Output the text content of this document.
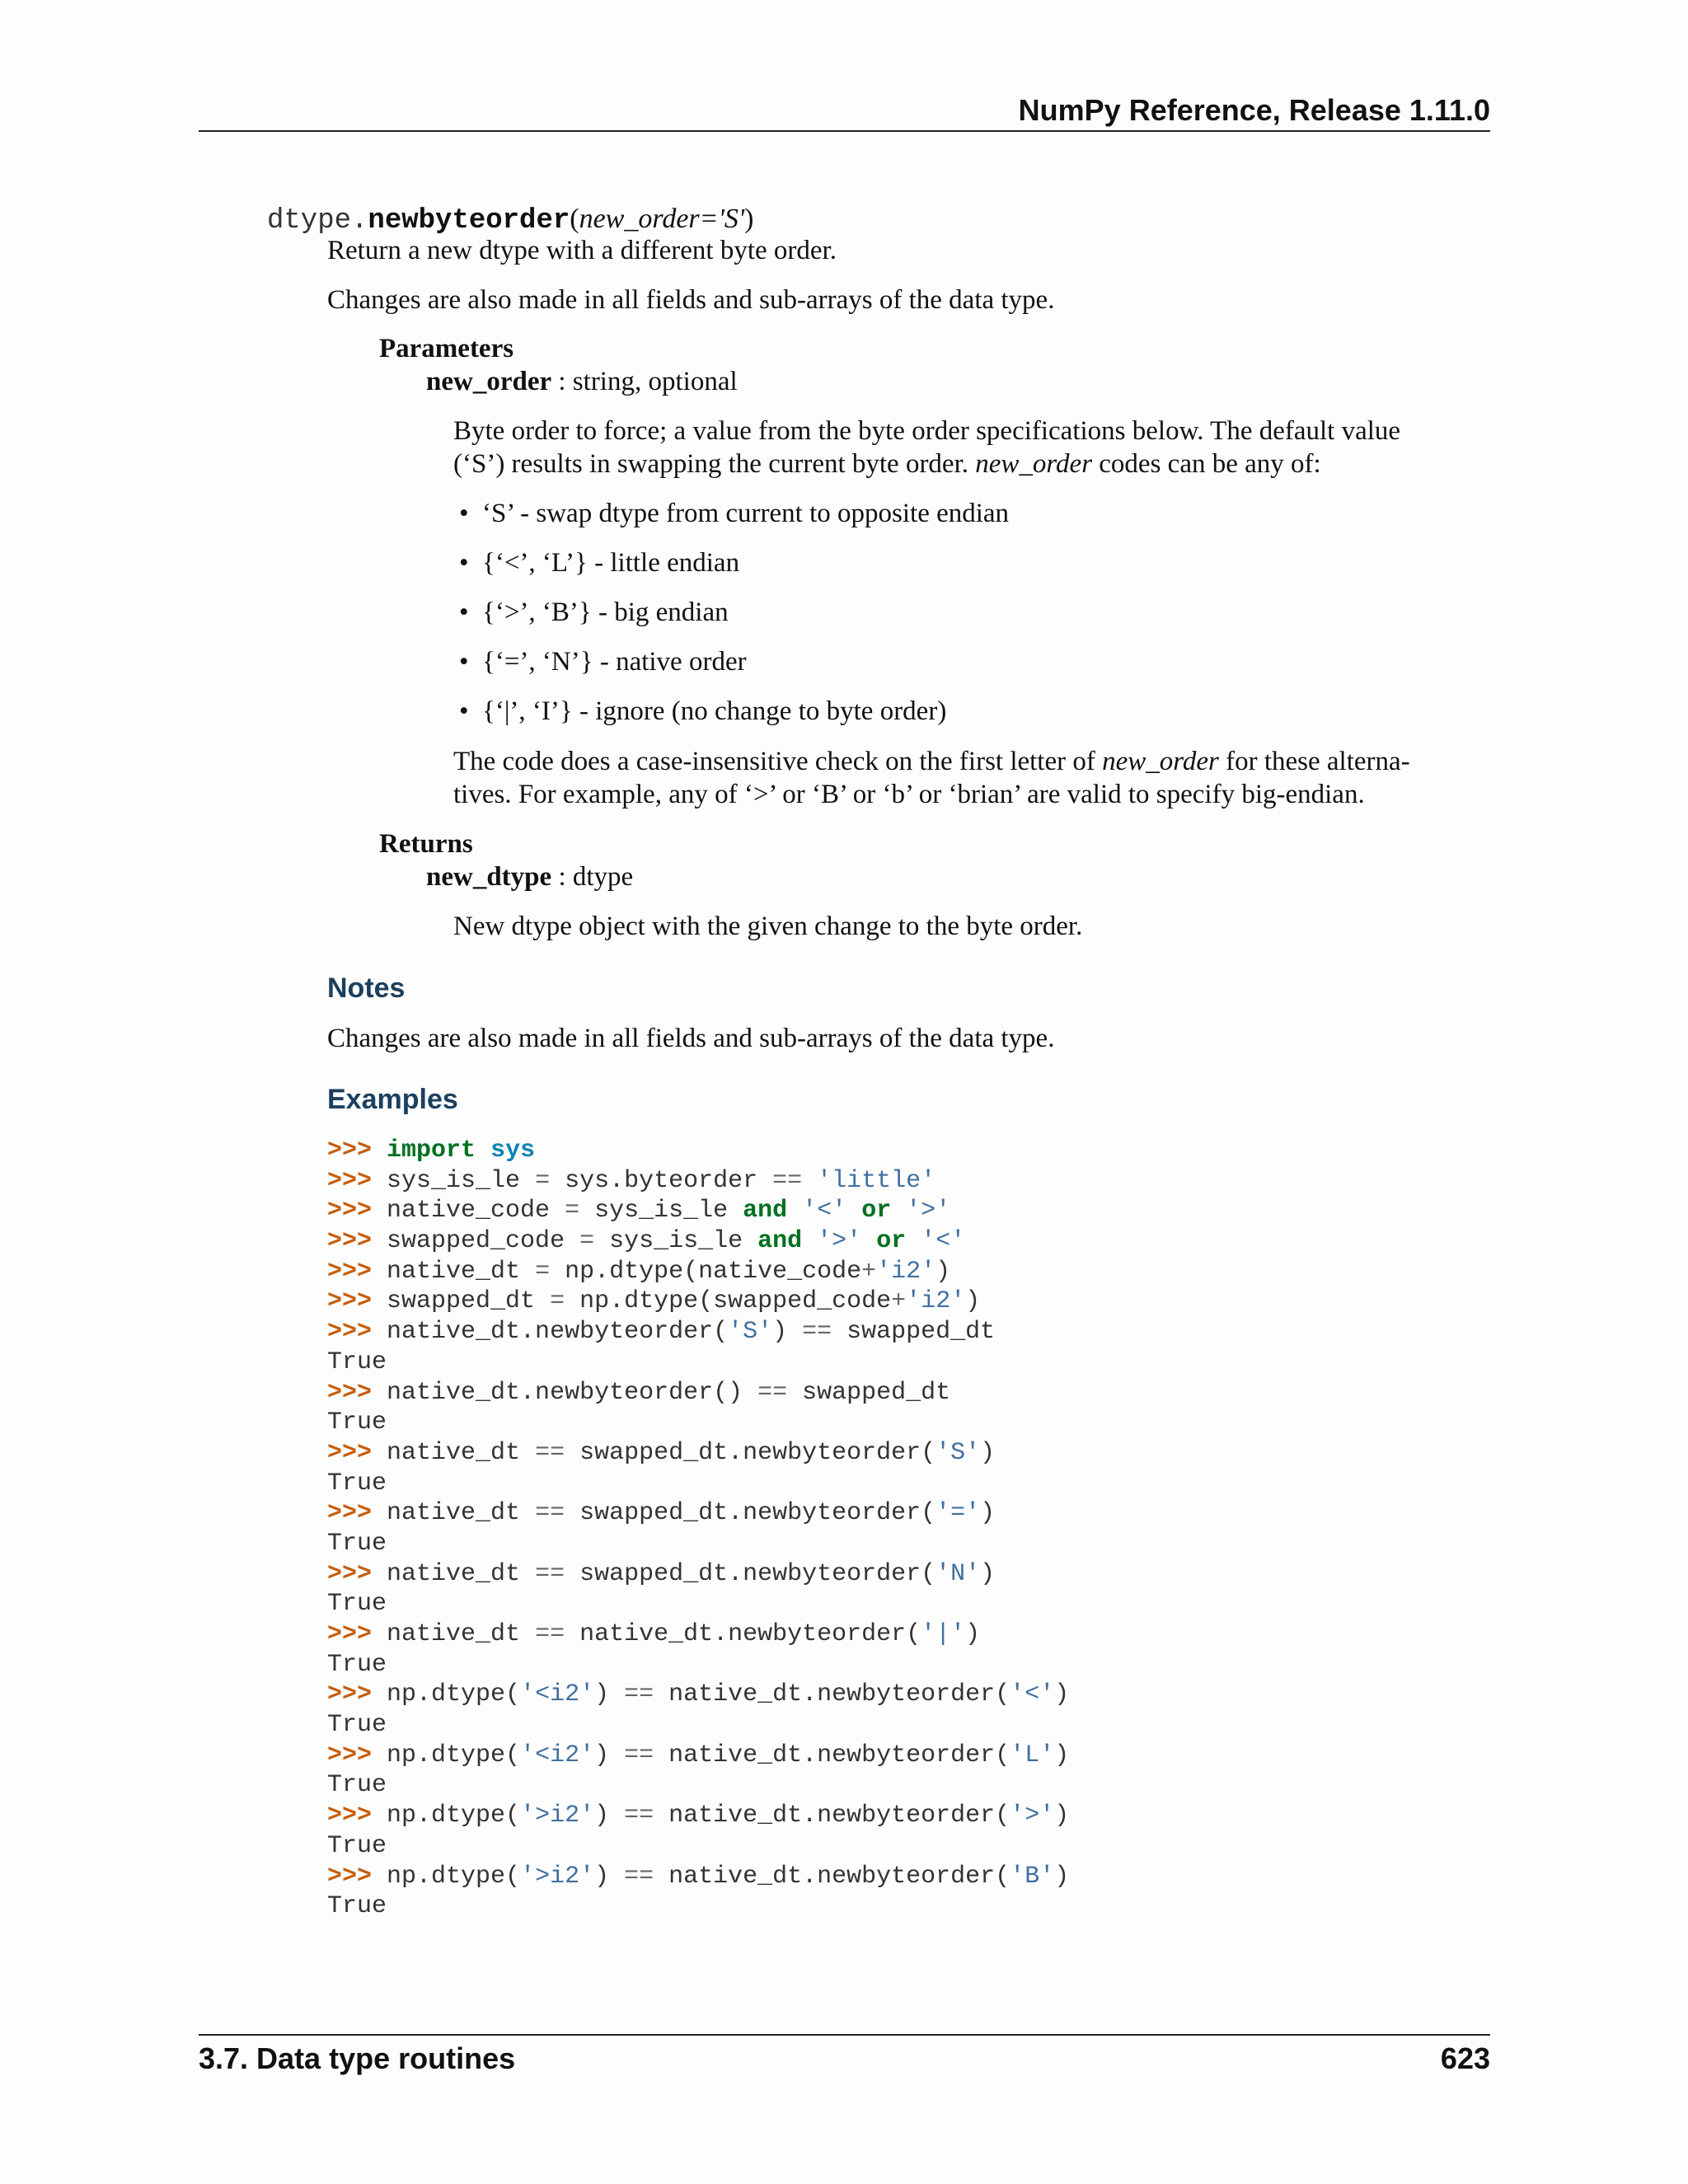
NumPy Reference, Release 1.11.0
dtype.newbyteorder(new_order='S')
Return a new dtype with a different byte order.
Changes are also made in all fields and sub-arrays of the data type.
Parameters
new_order : string, optional
Byte order to force; a value from the byte order specifications below. The default value
(‘S’) results in swapping the current byte order. new_order codes can be any of:
• ‘S’ - swap dtype from current to opposite endian
• {‘<’, ‘L’} - little endian
• {‘>’, ‘B’} - big endian
• {‘=’, ‘N’} - native order
• {‘|’, ‘I’} - ignore (no change to byte order)
The code does a case-insensitive check on the first letter of new_order for these alterna-
tives. For example, any of ‘>’ or ‘B’ or ‘b’ or ‘brian’ are valid to specify big-endian.
Returns
new_dtype : dtype
New dtype object with the given change to the byte order.
Notes
Changes are also made in all fields and sub-arrays of the data type.
Examples
>>> import sys
>>> sys_is_le = sys.byteorder == 'little'
>>> native_code = sys_is_le and '<' or '>'
>>> swapped_code = sys_is_le and '>' or '<'
>>> native_dt = np.dtype(native_code+'i2')
>>> swapped_dt = np.dtype(swapped_code+'i2')
>>> native_dt.newbyteorder('S') == swapped_dt
True
>>> native_dt.newbyteorder() == swapped_dt
True
>>> native_dt == swapped_dt.newbyteorder('S')
True
>>> native_dt == swapped_dt.newbyteorder('=')
True
>>> native_dt == swapped_dt.newbyteorder('N')
True
>>> native_dt == native_dt.newbyteorder('|')
True
>>> np.dtype('<i2') == native_dt.newbyteorder('<')
True
>>> np.dtype('<i2') == native_dt.newbyteorder('L')
True
>>> np.dtype('>i2') == native_dt.newbyteorder('>')
True
>>> np.dtype('>i2') == native_dt.newbyteorder('B')
True
3.7. Data type routines	623
